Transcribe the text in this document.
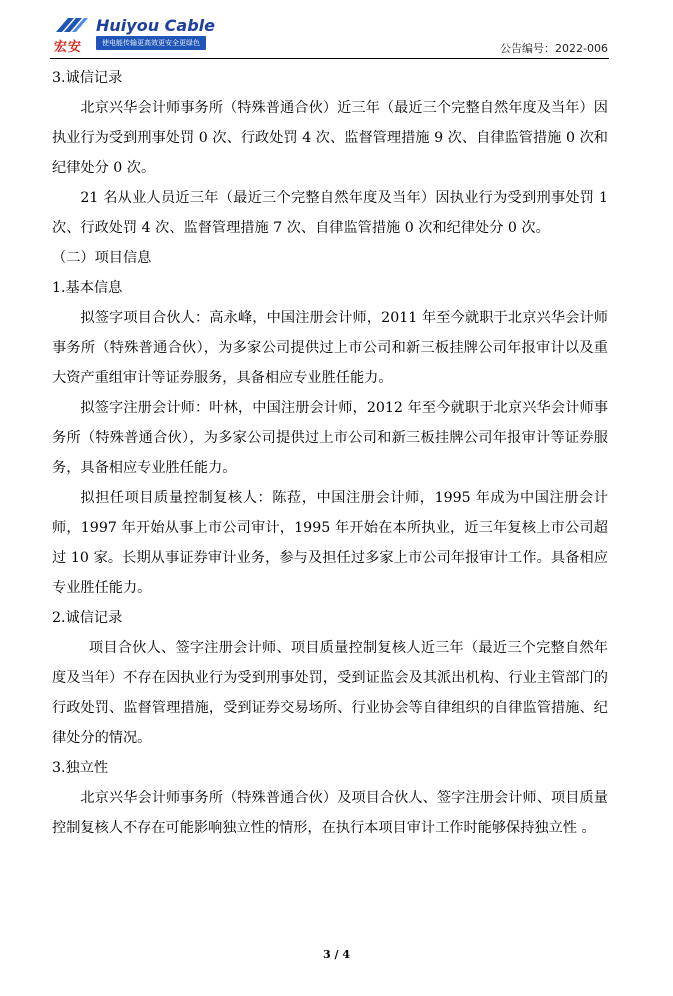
宏安
Huiyou Cable
使电能传输更高效更安全更绿色	公告编号：2022-006

3.诚信记录

北京兴华会计师事务所（特殊普通合伙）近三年（最近三个完整自然年度及当年）因执业行为受到刑事处罚 0 次、行政处罚 4 次、监督管理措施 9 次、自律监管措施 0 次和纪律处分 0 次。

21 名从业人员近三年（最近三个完整自然年度及当年）因执业行为受到刑事处罚 1 次、行政处罚 4 次、监督管理措施 7 次、自律监管措施 0 次和纪律处分 0 次。

（二）项目信息

1.基本信息

拟签字项目合伙人：高永峰，中国注册会计师，2011 年至今就职于北京兴华会计师事务所（特殊普通合伙），为多家公司提供过上市公司和新三板挂牌公司年报审计以及重大资产重组审计等证券服务，具备相应专业胜任能力。

拟签字注册会计师：叶林，中国注册会计师，2012 年至今就职于北京兴华会计师事务所（特殊普通合伙），为多家公司提供过上市公司和新三板挂牌公司年报审计等证券服务，具备相应专业胜任能力。

拟担任项目质量控制复核人：陈菈，中国注册会计师，1995 年成为中国注册会计师，1997 年开始从事上市公司审计，1995 年开始在本所执业，近三年复核上市公司超过 10 家。长期从事证券审计业务，参与及担任过多家上市公司年报审计工作。具备相应专业胜任能力。

2.诚信记录

项目合伙人、签字注册会计师、项目质量控制复核人近三年（最近三个完整自然年度及当年）不存在因执业行为受到刑事处罚，受到证监会及其派出机构、行业主管部门的行政处罚、监督管理措施，受到证券交易场所、行业协会等自律组织的自律监管措施、纪律处分的情况。

3.独立性

北京兴华会计师事务所（特殊普通合伙）及项目合伙人、签字注册会计师、项目质量控制复核人不存在可能影响独立性的情形，在执行本项目审计工作时能够保持独立性 。

3 / 4
